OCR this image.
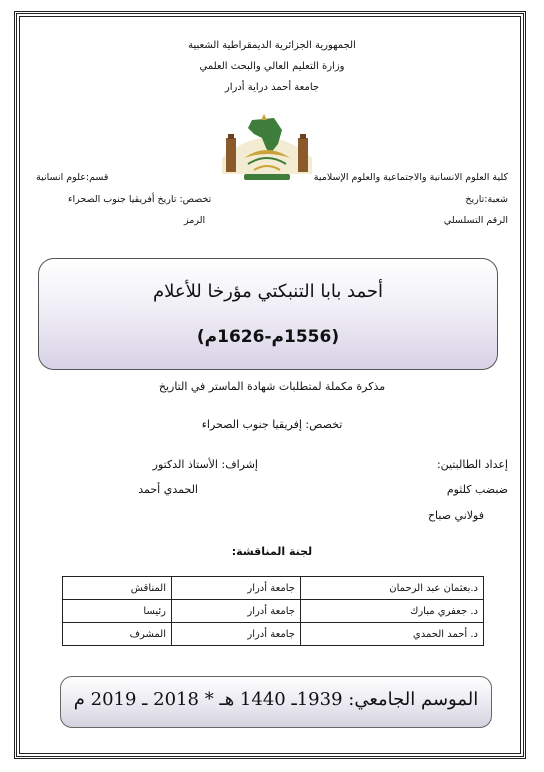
الجمهورية الجزائرية الديمقراطية الشعبية
وزارة التعليم العالي والبحث العلمي
جامعة أحمد دراية أدرار
كلية العلوم الانسانية والاجتماعية والعلوم الإسلامية
قسم:علوم انسانية
شعبة:تاريخ
تخصص: تاريخ أفريقيا جنوب الصحراء
الرقم التسلسلي
الرمز
أحمد بابا التنبكتي مؤرخا للأعلام
(1556م-1626م)
مذكرة مكملة لمتطلبات شهادة الماستر في التاريخ
تخصص: إفريقيا جنوب الصحراء
إعداد الطالبتين:
إشراف: الأستاذ الدكتور
ضبضب كلثوم
الحمدي أحمد
فولاني صباح
لجنة المناقشة:
د.بعثمان عبد الرحمان	جامعة أدرار	المناقش
د. جعفري مبارك	جامعة أدرار	رئيسا
د. أحمد الحمدي	جامعة أدرار	المشرف
الموسم الجامعي: 1939ـ 1440 هـ * 2018 ـ 2019 م
